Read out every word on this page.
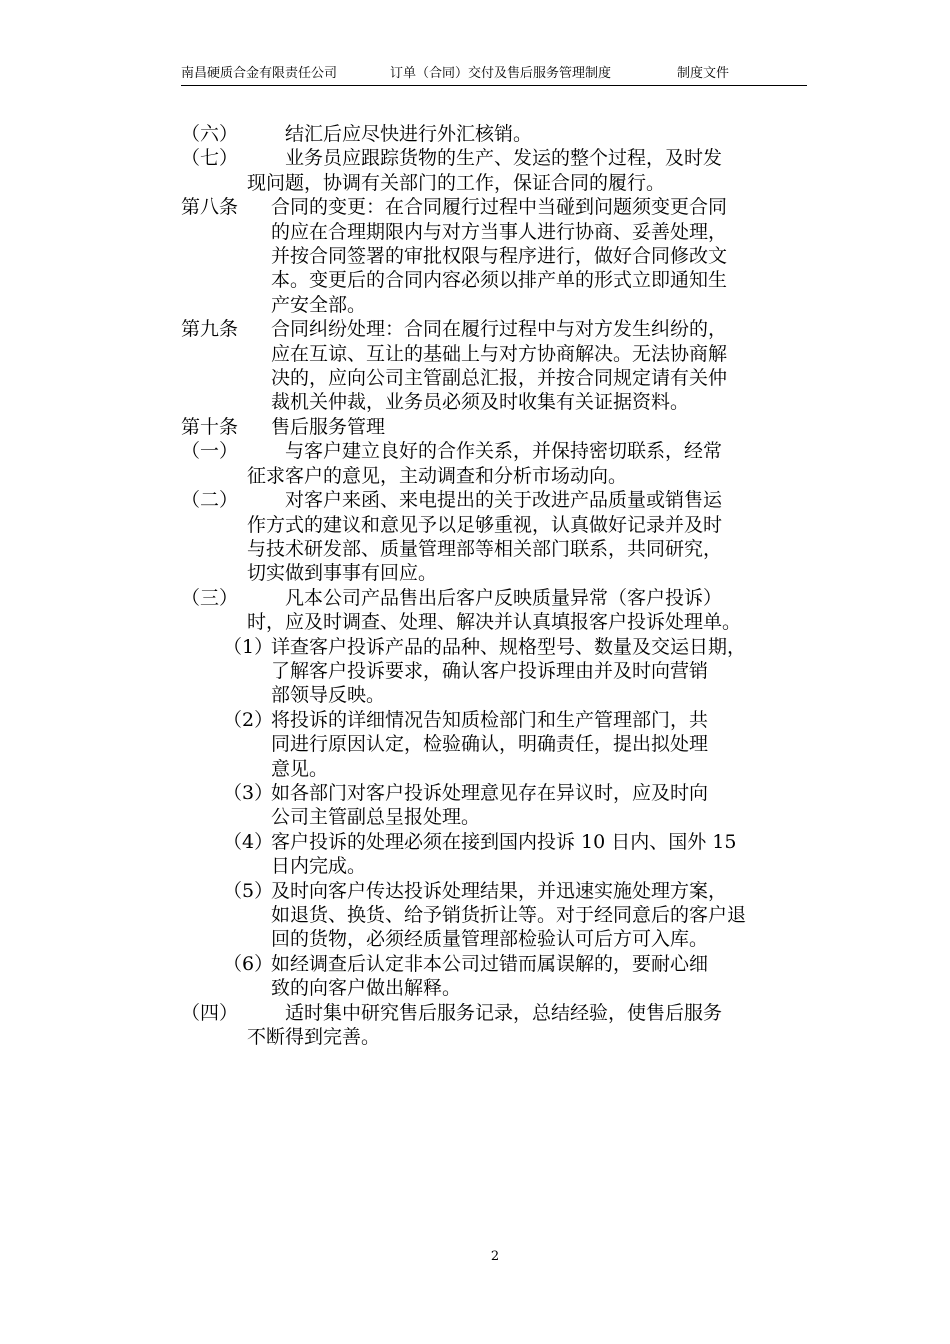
南昌硬质合金有限责任公司	订单（合同）交付及售后服务管理制度	制度文件
（六）	结汇后应尽快进行外汇核销。
（七）	业务员应跟踪货物的生产、发运的整个过程，及时发
现问题，协调有关部门的工作，保证合同的履行。
第八条 合同的变更：在合同履行过程中当碰到问题须变更合同
的应在合理期限内与对方当事人进行协商、妥善处理，
并按合同签署的审批权限与程序进行，做好合同修改文
本。变更后的合同内容必须以排产单的形式立即通知生
产安全部。
第九条 合同纠纷处理：合同在履行过程中与对方发生纠纷的，
应在互谅、互让的基础上与对方协商解决。无法协商解
决的，应向公司主管副总汇报，并按合同规定请有关仲
裁机关仲裁，业务员必须及时收集有关证据资料。
第十条 售后服务管理
（一）	与客户建立良好的合作关系，并保持密切联系，经常
征求客户的意见，主动调查和分析市场动向。
（二）	对客户来函、来电提出的关于改进产品质量或销售运
作方式的建议和意见予以足够重视，认真做好记录并及时
与技术研发部、质量管理部等相关部门联系，共同研究，
切实做到事事有回应。
（三）	凡本公司产品售出后客户反映质量异常（客户投诉）
时，应及时调查、处理、解决并认真填报客户投诉处理单。
（1）
详查客户投诉产品的品种、规格型号、数量及交运日期，
了解客户投诉要求，确认客户投诉理由并及时向营销
部领导反映。
（2）
将投诉的详细情况告知质检部门和生产管理部门，共
同进行原因认定，检验确认，明确责任，提出拟处理
意见。
（3）
如各部门对客户投诉处理意见存在异议时，应及时向
公司主管副总呈报处理。
（4）
客户投诉的处理必须在接到国内投诉 10 日内、国外 15
日内完成。
（5）
及时向客户传达投诉处理结果，并迅速实施处理方案，
如退货、换货、给予销货折让等。对于经同意后的客户退
回的货物，必须经质量管理部检验认可后方可入库。
（6）
如经调查后认定非本公司过错而属误解的，要耐心细
致的向客户做出解释。
（四）	适时集中研究售后服务记录，总结经验，使售后服务
不断得到完善。
2
